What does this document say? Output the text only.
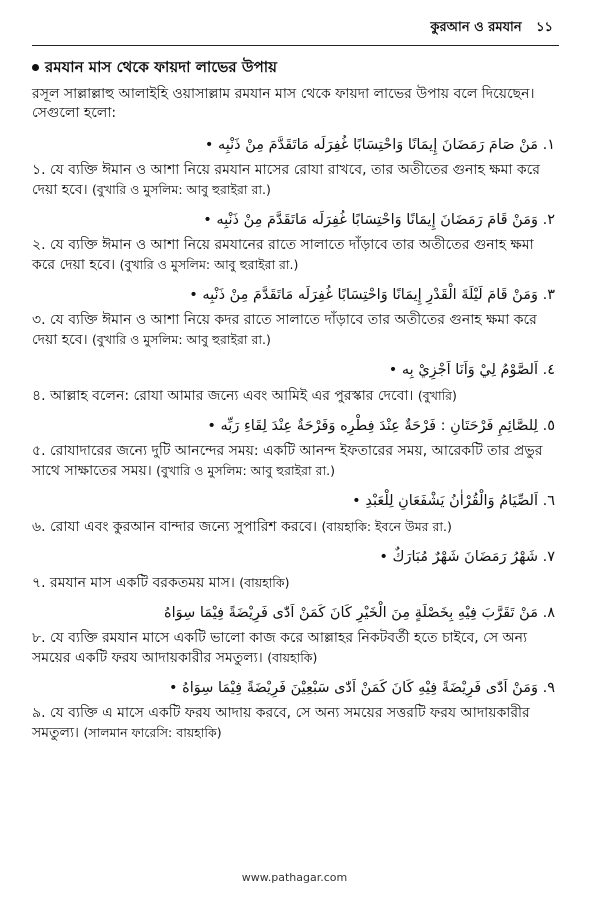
কুরআন ও রমযান ১১
রমযান মাস থেকে ফায়দা লাভের উপায়
রসূল সাল্লাল্লাহু আলাইহি ওয়াসাল্লাম রমযান মাস থেকে ফায়দা লাভের উপায় বলে দিয়েছেন। সেগুলো হলো:
١. مَنْ صَامَ رَمَضَانَ إِيمَانًا وَاحْتِسَابًا غُفِرَلَه مَاتَقَدَّمَ مِنْ ذَنْبِه •
১. যে ব্যক্তি ঈমান ও আশা নিয়ে রমযান মাসের রোযা রাখবে, তার অতীতের গুনাহ ক্ষমা করে দেয়া হবে। (বুখারি ও মুসলিম: আবু হুরাইরা রা.)
٢. وَمَنْ قَامَ رَمَضَانَ إِيمَانًا وَاحْتِسَابًا غُفِرَلَه مَاتَقَدَّمَ مِنْ ذَنْبِه •
২. যে ব্যক্তি ঈমান ও আশা নিয়ে রমযানের রাতে সালাতে দাঁড়াবে তার অতীতের গুনাহ ক্ষমা করে দেয়া হবে। (বুখারি ও মুসলিম: আবু হুরাইরা রা.)
٣. وَمَنْ قَامَ لَيْلَةَ الْقَدْرِ إِيمَانًا وَاحْتِسَابًا غُفِرَلَه مَاتَقَدَّمَ مِنْ ذَنْبِه •
৩. যে ব্যক্তি ঈমান ও আশা নিয়ে কদর রাতে সালাতে দাঁড়াবে তার অতীতের গুনাহ ক্ষমা করে দেয়া হবে। (বুখারি ও মুসলিম: আবু হুরাইরা রা.)
٤. اَلصَّوْمُ لِيْ وَاَنَا اَجْزِيْ بِه •
৪. আল্লাহ বলেন: রোযা আমার জন্যে এবং আমিই এর পুরস্কার দেবো। (বুখারি)
٥. لِلصَّائِمِ فَرْحَتَانِ : فَرْحَةٌ عِنْدَ فِطْرِه وَفَرْحَةٌ عِنْدَ لِقَاءِ رَبِّه •
৫. রোযাদারের জন্যে দুটি আনন্দের সময়: একটি আনন্দ ইফতারের সময়, আরেকটি তার প্রভুর সাথে সাক্ষাতের সময়। (বুখারি ও মুসলিম: আবু হুরাইরা রা.)
٦. اَلصِّيَامُ وَالْقُرْاٰنُ يَشْفَعَانِ لِلْعَبْدِ •
৬. রোযা এবং কুরআন বান্দার জন্যে সুপারিশ করবে। (বায়হাকি: ইবনে উমর রা.)
٧. شَهْرُ رَمَضَانَ شَهْرٌ مُبَارَكٌ •
৭. রমযান মাস একটি বরকতময় মাস। (বায়হাকি)
٨. مَنْ تَقَرَّبَ فِيْهِ بِخَصْلَةٍ مِنَ الْخَيْرِ كَانَ كَمَنْ اَدّٰى فَرِيْضَةً فِيْمَا سِوَاهُ
৮. যে ব্যক্তি রমযান মাসে একটি ভালো কাজ করে আল্লাহর নিকটবর্তী হতে চাইবে, সে অন্য সময়ের একটি ফরয আদায়কারীর সমতুল্য। (বায়হাকি)
٩. وَمَنْ اَدّٰى فَرِيْضَةً فِيْهِ كَانَ كَمَنْ اَدّٰى سَبْعِيْنَ فَرِيْضَةً فِيْمَا سِوَاهُ •
৯. যে ব্যক্তি এ মাসে একটি ফরয আদায় করবে, সে অন্য সময়ের সত্তরটি ফরয আদায়কারীর সমতুল্য। (সালমান ফারেসি: বায়হাকি)
www.pathagar.com
